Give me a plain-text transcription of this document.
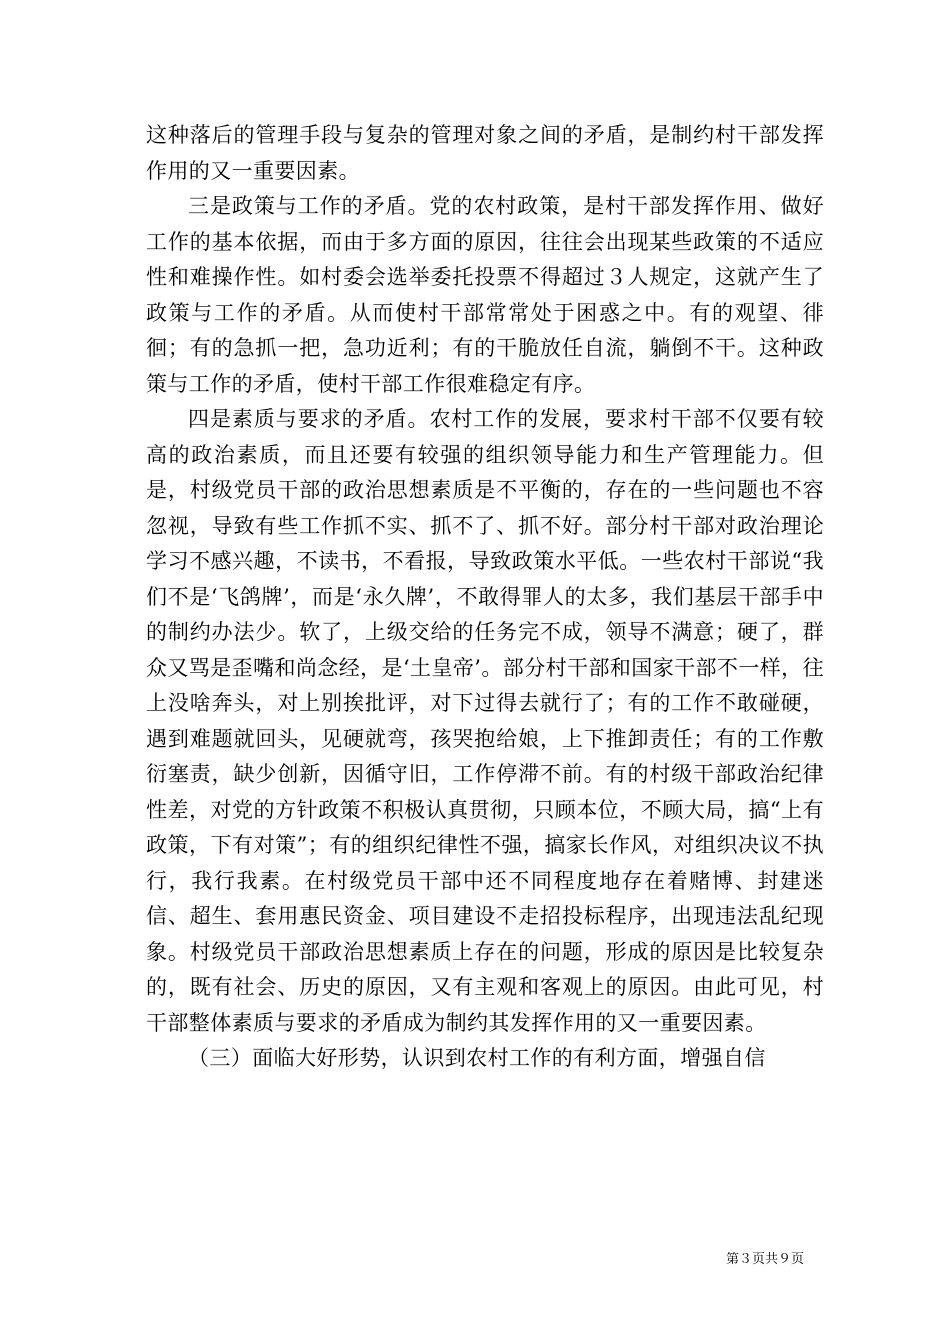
这种落后的管理手段与复杂的管理对象之间的矛盾，是制约村干部发挥作用的又一重要因素。

三是政策与工作的矛盾。党的农村政策，是村干部发挥作用、做好工作的基本依据，而由于多方面的原因，往往会出现某些政策的不适应性和难操作性。如村委会选举委托投票不得超过３人规定，这就产生了政策与工作的矛盾。从而使村干部常常处于困惑之中。有的观望、徘徊；有的急抓一把，急功近利；有的干脆放任自流，躺倒不干。这种政策与工作的矛盾，使村干部工作很难稳定有序。

四是素质与要求的矛盾。农村工作的发展，要求村干部不仅要有较高的政治素质，而且还要有较强的组织领导能力和生产管理能力。但是，村级党员干部的政治思想素质是不平衡的，存在的一些问题也不容忽视，导致有些工作抓不实、抓不了、抓不好。部分村干部对政治理论学习不感兴趣，不读书，不看报，导致政策水平低。一些农村干部说“我们不是‘飞鸽牌’，而是‘永久牌’，不敢得罪人的太多，我们基层干部手中的制约办法少。软了，上级交给的任务完不成，领导不满意；硬了，群众又骂是歪嘴和尚念经，是‘土皇帝’。部分村干部和国家干部不一样，往上没啥奔头，对上别挨批评，对下过得去就行了；有的工作不敢碰硬，遇到难题就回头，见硬就弯，孩哭抱给娘，上下推卸责任；有的工作敷衍塞责，缺少创新，因循守旧，工作停滞不前。有的村级干部政治纪律性差，对党的方针政策不积极认真贯彻，只顾本位，不顾大局，搞“上有政策，下有对策”；有的组织纪律性不强，搞家长作风，对组织决议不执行，我行我素。在村级党员干部中还不同程度地存在着赌博、封建迷信、超生、套用惠民资金、项目建设不走招投标程序，出现违法乱纪现象。村级党员干部政治思想素质上存在的问题，形成的原因是比较复杂的，既有社会、历史的原因，又有主观和客观上的原因。由此可见，村干部整体素质与要求的矛盾成为制约其发挥作用的又一重要因素。

（三）面临大好形势，认识到农村工作的有利方面，增强自信

第３页共９页
